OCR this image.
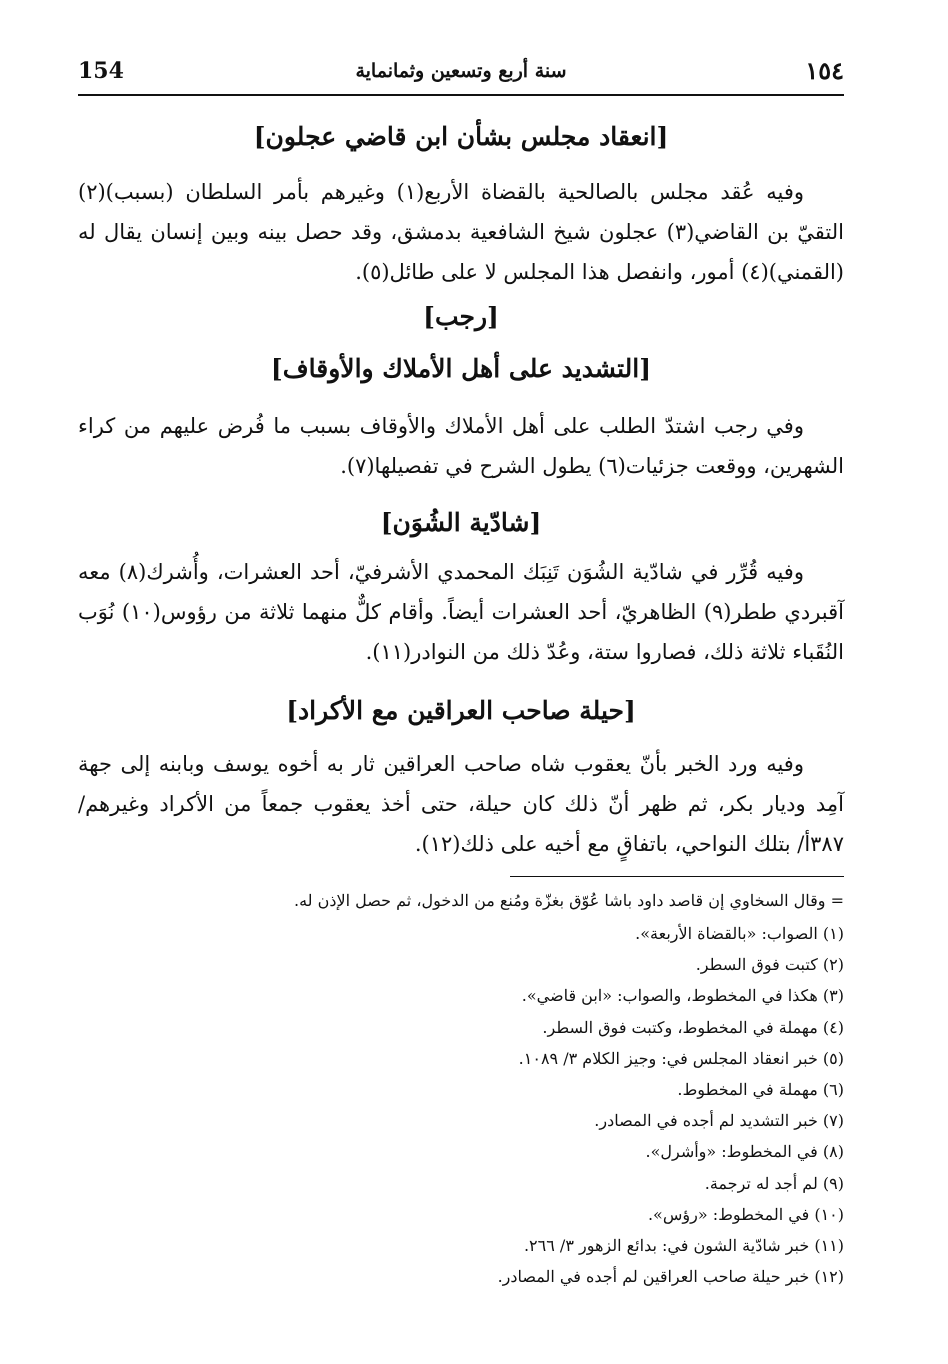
154	سنة أربع وتسعين وثمانماية	١٥٤
[انعقاد مجلس بشأن ابن قاضي عجلون]

وفيه عُقد مجلس بالصالحية بالقضاة الأربع(١) وغيرهم بأمر السلطان (بسبب)(٢) التقيّ بن القاضي(٣) عجلون شيخ الشافعية بدمشق، وقد حصل بينه وبين إنسان يقال له (القمني)(٤) أمور، وانفصل هذا المجلس لا على طائل(٥).

[رجب]
[التشديد على أهل الأملاك والأوقاف]

وفي رجب اشتدّ الطلب على أهل الأملاك والأوقاف بسبب ما فُرض عليهم من كراء الشهرين، ووقعت جزئيات(٦) يطول الشرح في تفصيلها(٧).

[شادّية الشُوَن]

وفيه قُرِّر في شادّية الشُوَن تَنِبَك المحمدي الأشرفيّ، أحد العشرات، وأُشرك(٨) معه آقبردي ططر(٩) الظاهريّ، أحد العشرات أيضاً. وأقام كلٌّ منهما ثلاثة من رؤوس(١٠) نُوَب النُقَباء ثلاثة ذلك، فصاروا ستة، وعُدّ ذلك من النوادر(١١).

[حيلة صاحب العراقين مع الأكراد]

وفيه ورد الخبر بأنّ يعقوب شاه صاحب العراقين ثار به أخوه يوسف وبابنه إلى جهة آمِد وديار بكر، ثم ظهر أنّ ذلك كان حيلة، حتى أخذ يعقوب جمعاً من الأكراد وغيرهم/ ٣٨٧أ/ بتلك النواحي، باتفاقٍ مع أخيه على ذلك(١٢).

= وقال السخاوي إن قاصد داود باشا عُوّق بغزّة ومُنع من الدخول، ثم حصل الإذن له.

(١) الصواب: «بالقضاة الأربعة».

(٢) كتبت فوق السطر.

(٣) هكذا في المخطوط، والصواب: «ابن قاضي».

(٤) مهملة في المخطوط، وكتبت فوق السطر.

(٥) خبر انعقاد المجلس في: وجيز الكلام ٣/ ١٠٨٩.

(٦) مهملة في المخطوط.

(٧) خبر التشديد لم أجده في المصادر.

(٨) في المخطوط: «وأشرل».

(٩) لم أجد له ترجمة.

(١٠) في المخطوط: «رؤس».

(١١) خبر شادّية الشون في: بدائع الزهور ٣/ ٢٦٦.

(١٢) خبر حيلة صاحب العراقين لم أجده في المصادر.
